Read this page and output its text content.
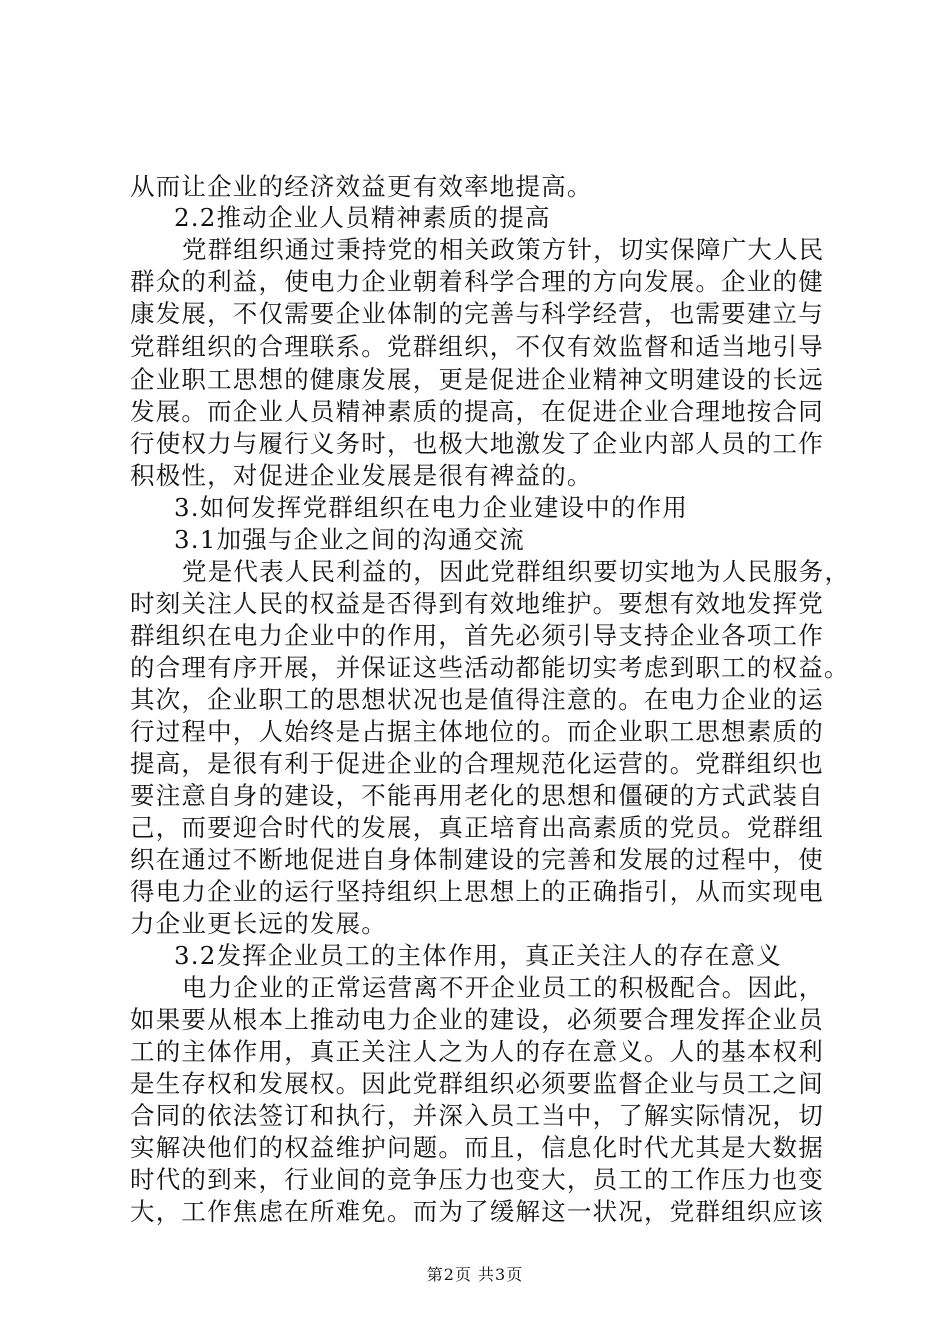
从而让企业的经济效益更有效率地提高。
2.2推动企业人员精神素质的提高
党群组织通过秉持党的相关政策方针，切实保障广大人民
群众的利益，使电力企业朝着科学合理的方向发展。企业的健
康发展，不仅需要企业体制的完善与科学经营，也需要建立与
党群组织的合理联系。党群组织，不仅有效监督和适当地引导
企业职工思想的健康发展，更是促进企业精神文明建设的长远
发展。而企业人员精神素质的提高，在促进企业合理地按合同
行使权力与履行义务时，也极大地激发了企业内部人员的工作
积极性，对促进企业发展是很有裨益的。
3.如何发挥党群组织在电力企业建设中的作用
3.1加强与企业之间的沟通交流
党是代表人民利益的，因此党群组织要切实地为人民服务，
时刻关注人民的权益是否得到有效地维护。要想有效地发挥党
群组织在电力企业中的作用，首先必须引导支持企业各项工作
的合理有序开展，并保证这些活动都能切实考虑到职工的权益。
其次，企业职工的思想状况也是值得注意的。在电力企业的运
行过程中，人始终是占据主体地位的。而企业职工思想素质的
提高，是很有利于促进企业的合理规范化运营的。党群组织也
要注意自身的建设，不能再用老化的思想和僵硬的方式武装自
己，而要迎合时代的发展，真正培育出高素质的党员。党群组
织在通过不断地促进自身体制建设的完善和发展的过程中，使
得电力企业的运行坚持组织上思想上的正确指引，从而实现电
力企业更长远的发展。
3.2发挥企业员工的主体作用，真正关注人的存在意义
电力企业的正常运营离不开企业员工的积极配合。因此，
如果要从根本上推动电力企业的建设，必须要合理发挥企业员
工的主体作用，真正关注人之为人的存在意义。人的基本权利
是生存权和发展权。因此党群组织必须要监督企业与员工之间
合同的依法签订和执行，并深入员工当中，了解实际情况，切
实解决他们的权益维护问题。而且，信息化时代尤其是大数据
时代的到来，行业间的竞争压力也变大，员工的工作压力也变
大，工作焦虑在所难免。而为了缓解这一状况，党群组织应该
第2页 共3页
